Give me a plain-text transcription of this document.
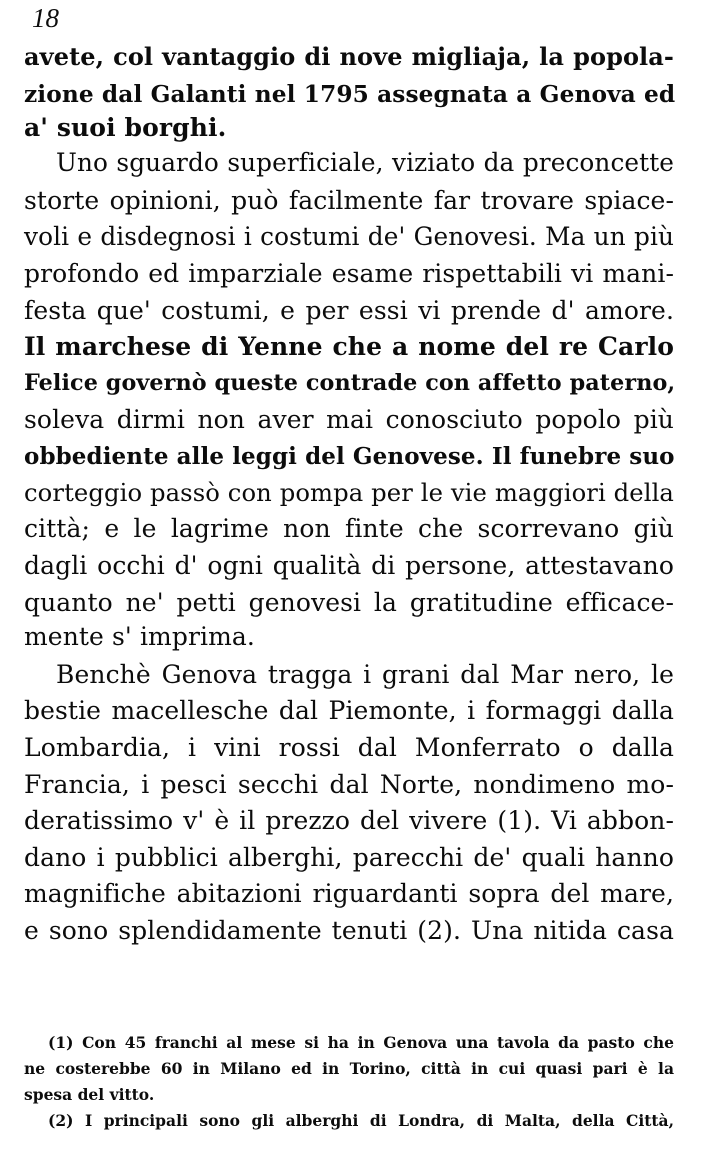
18

avete, col vantaggio di nove migliaja, la popola-

zione dal Galanti nel 1795 assegnata a Genova ed

a' suoi borghi.

Uno sguardo superficiale, viziato da preconcette

storte opinioni, può facilmente far trovare spiace-

voli e disdegnosi i costumi de' Genovesi. Ma un più

profondo ed imparziale esame rispettabili vi mani-

festa que' costumi, e per essi vi prende d' amore.

Il marchese di Yenne che a nome del re Carlo

Felice governò queste contrade con affetto paterno,

soleva dirmi non aver mai conosciuto popolo più

obbediente alle leggi del Genovese. Il funebre suo

corteggio passò con pompa per le vie maggiori della

città; e le lagrime non finte che scorrevano giù

dagli occhi d' ogni qualità di persone, attestavano

quanto ne' petti genovesi la gratitudine efficace-

mente s' imprima.

Benchè Genova tragga i grani dal Mar nero, le

bestie macellesche dal Piemonte, i formaggi dalla

Lombardia, i vini rossi dal Monferrato o dalla

Francia, i pesci secchi dal Norte, nondimeno mo-

deratissimo v' è il prezzo del vivere (1). Vi abbon-

dano i pubblici alberghi, parecchi de' quali hanno

magnifiche abitazioni riguardanti sopra del mare,

e sono splendidamente tenuti (2). Una nitida casa

(1) Con 45 franchi al mese si ha in Genova una tavola da pasto che

ne costerebbe 60 in Milano ed in Torino, città in cui quasi pari è la

spesa del vitto.

(2) I principali sono gli alberghi di Londra, di Malta, della Città,
